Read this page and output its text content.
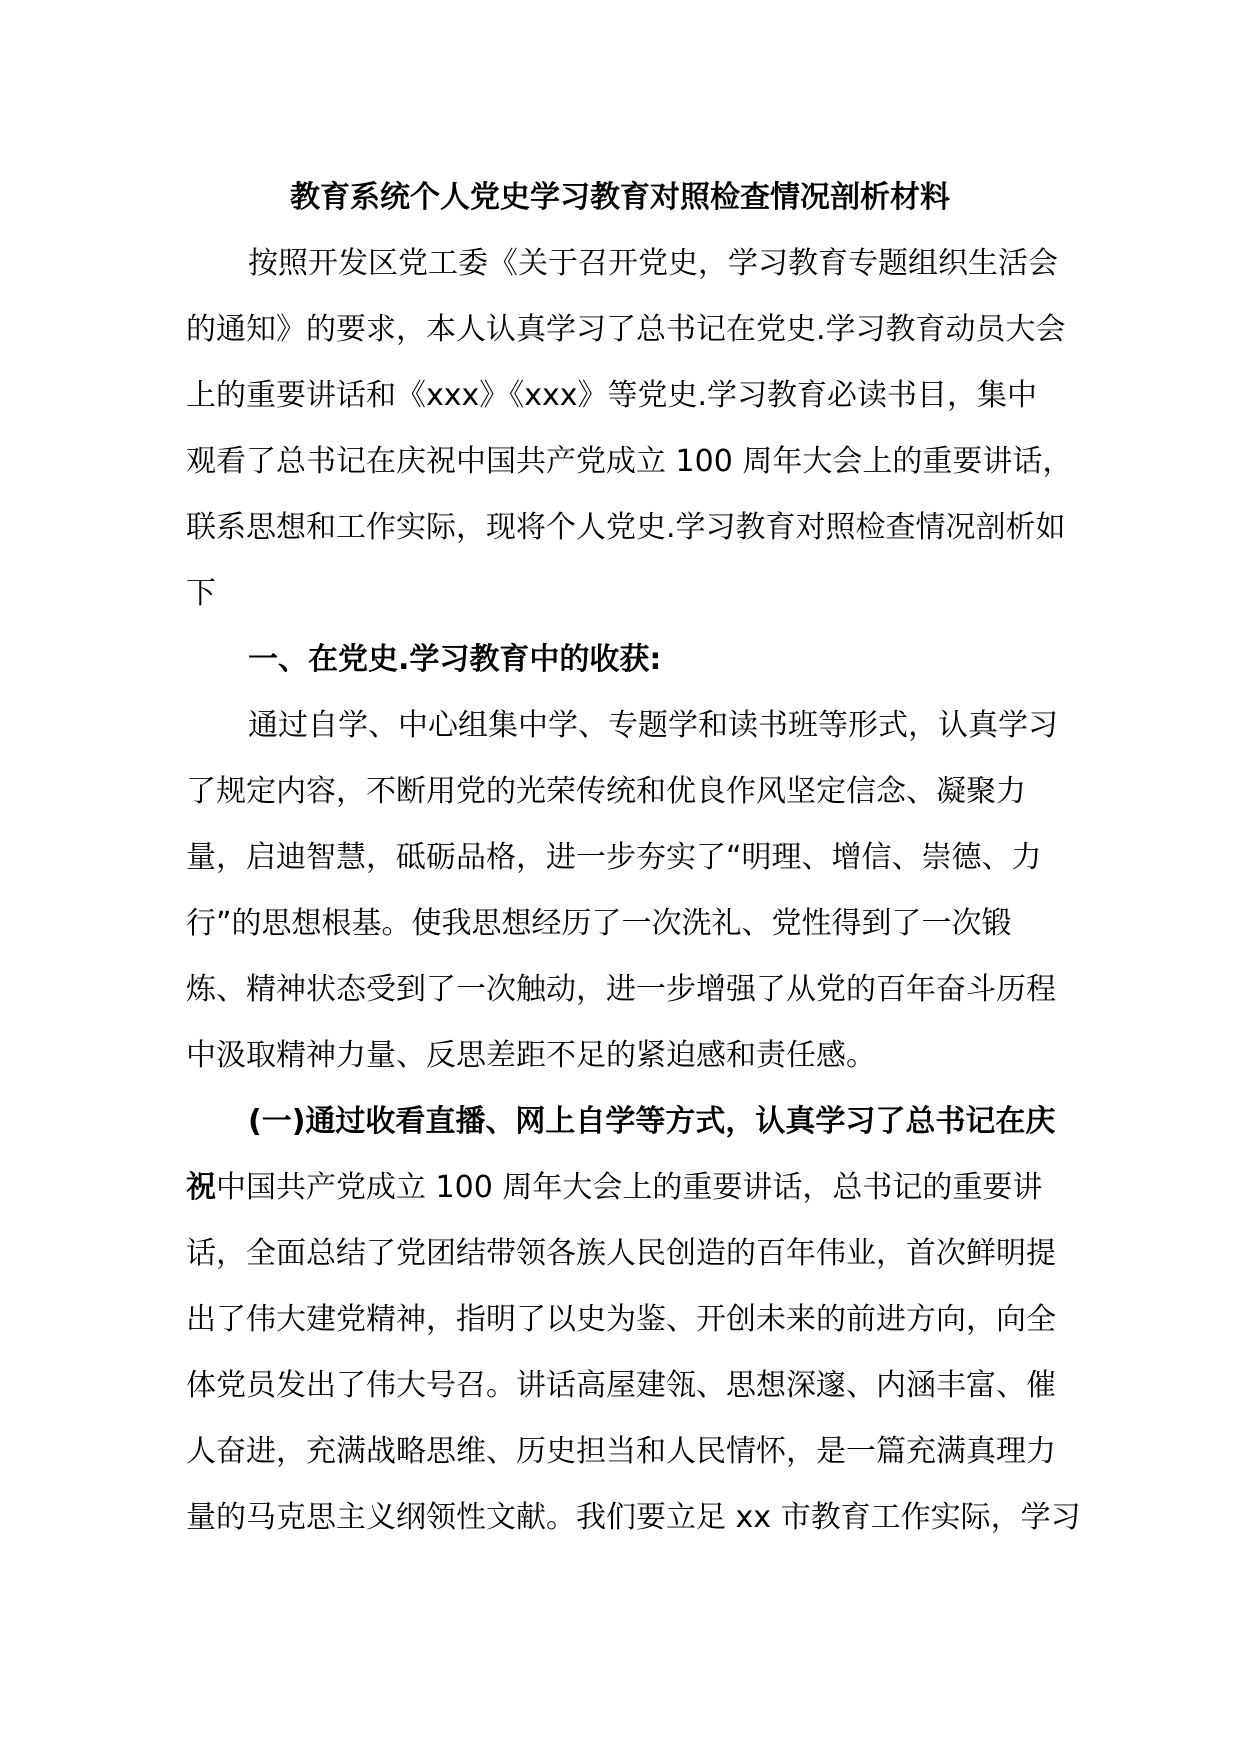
教育系统个人党史学习教育对照检查情况剖析材料
按照开发区党工委《关于召开党史，学习教育专题组织生活会
的通知》的要求，本人认真学习了总书记在党史.学习教育动员大会
上的重要讲话和《xxx》《xxx》等党史.学习教育必读书目，集中
观看了总书记在庆祝中国共产党成立 100 周年大会上的重要讲话，
联系思想和工作实际，现将个人党史.学习教育对照检查情况剖析如
下
一、在党史.学习教育中的收获:
通过自学、中心组集中学、专题学和读书班等形式，认真学习
了规定内容，不断用党的光荣传统和优良作风坚定信念、凝聚力
量，启迪智慧，砥砺品格，进一步夯实了“明理、增信、崇德、力
行”的思想根基。使我思想经历了一次洗礼、党性得到了一次锻
炼、精神状态受到了一次触动，进一步增强了从党的百年奋斗历程
中汲取精神力量、反思差距不足的紧迫感和责任感。
(一)通过收看直播、网上自学等方式，认真学习了总书记在庆
祝中国共产党成立 100 周年大会上的重要讲话，总书记的重要讲
话，全面总结了党团结带领各族人民创造的百年伟业，首次鲜明提
出了伟大建党精神，指明了以史为鉴、开创未来的前进方向，向全
体党员发出了伟大号召。讲话高屋建瓴、思想深邃、内涵丰富、催
人奋进，充满战略思维、历史担当和人民情怀，是一篇充满真理力
量的马克思主义纲领性文献。我们要立足 xx 市教育工作实际，学习
